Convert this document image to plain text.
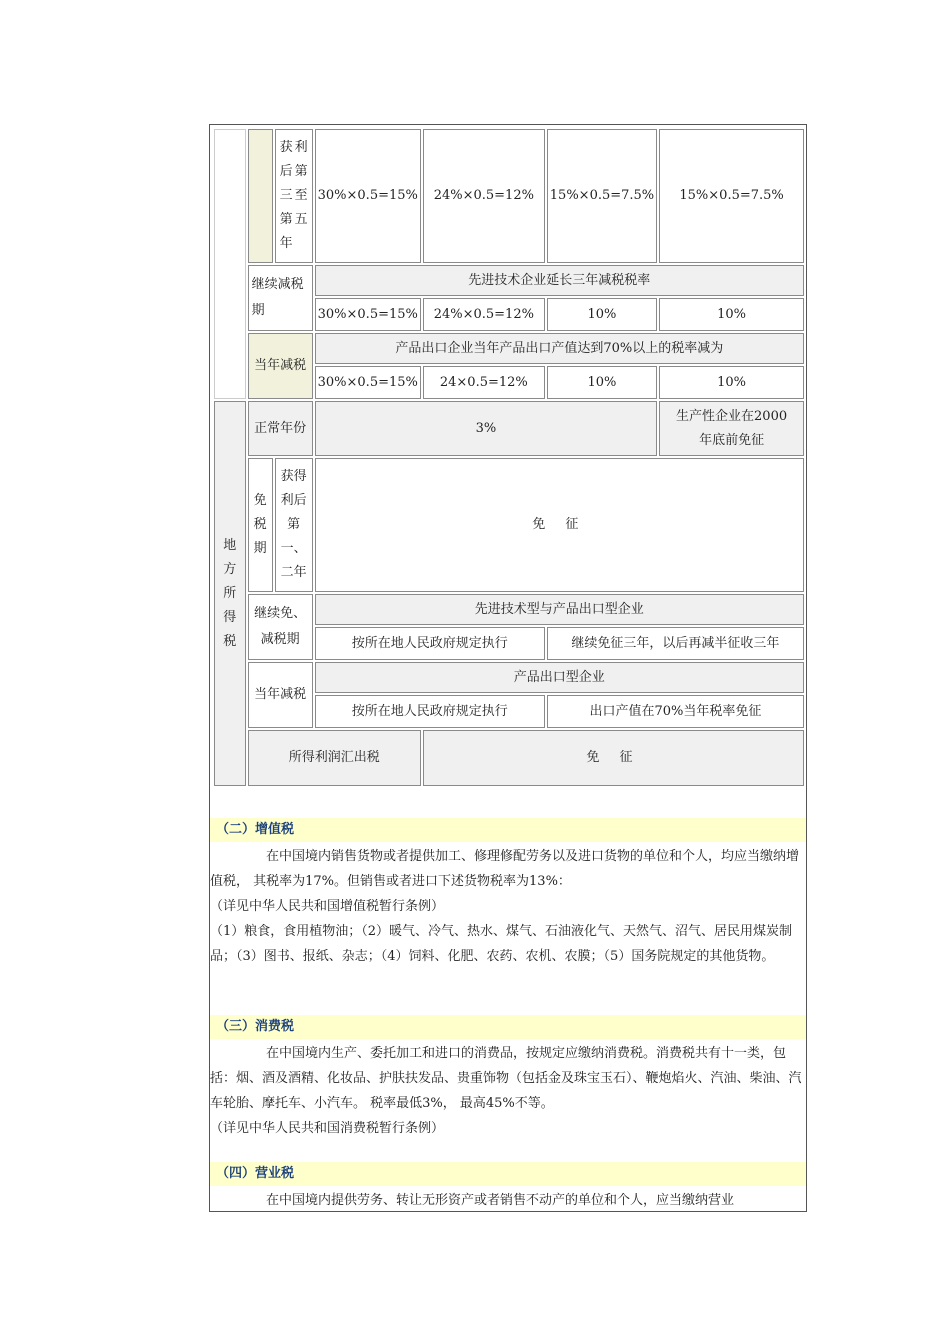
		获利后第三至第五年	30%×0.5=15%	24%×0.5=12%	15%×0.5=7.5%	15%×0.5=7.5%
	继续减税期		先进技术企业延长三年减税税率			
			30%×0.5=15%	24%×0.5=12%	10%	10%
	当年减税		产品出口企业当年产品出口产值达到70%以上的税率减为			
			30%×0.5=15%	24×0.5=12%	10%	10%
地方所得税	正常年份		3%			生产性企业在2000年底前免征
	免税期	获得利后第一、二年	免 征			
	继续免、减税期		先进技术型与产品出口型企业			
			按所在地人民政府规定执行		继续免征三年，以后再减半征收三年	
	当年减税		产品出口型企业			
			按所在地人民政府规定执行		出口产值在70%当年税率免征	
	所得利润汇出税			免 征		
（二）增值税

在中国境内销售货物或者提供加工、修理修配劳务以及进口货物的单位和个人，均应当缴纳增值税， 其税率为17%。但销售或者进口下述货物税率为13%：

（详见中华人民共和国增值税暂行条例）

（1）粮食，食用植物油；（2）暖气、冷气、热水、煤气、石油液化气、天然气、沼气、居民用煤炭制品；（3）图书、报纸、杂志；（4）饲料、化肥、农药、农机、农膜；（5）国务院规定的其他货物。

（三）消费税

在中国境内生产、委托加工和进口的消费品，按规定应缴纳消费税。消费税共有十一类，包括：烟、酒及酒精、化妆品、护肤扶发品、贵重饰物（包括金及珠宝玉石）、鞭炮焰火、汽油、柴油、汽车轮胎、摩托车、小汽车。 税率最低3%， 最高45%不等。

（详见中华人民共和国消费税暂行条例）

（四）营业税

在中国境内提供劳务、转让无形资产或者销售不动产的单位和个人，应当缴纳营业
